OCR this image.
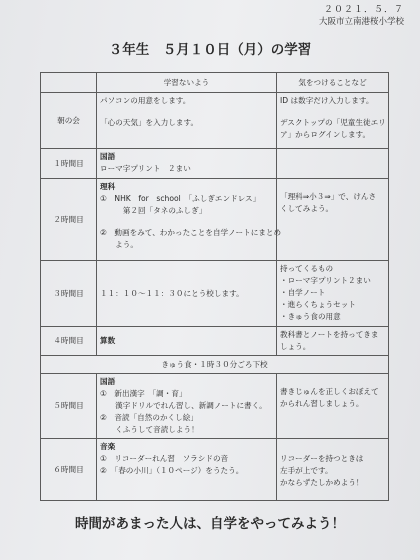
２０２１．５．７
大阪市立南港桜小学校
３年生　５月１０日（月）の学習
	学習ないよう	気をつけることなど
朝の会	パソコンの用意をします。
「心の天気」を入力します。	ID は数字だけ入力します。
デスクトップの「児童生徒エリ
ア」からログインします。

１時間目	国語
ローマ字プリント　２まい	

２時間目	理科
①　NHK　for　school　「ふしぎエンドレス」
　　　第２回「タネのふしぎ」
②　動画をみて、わかったことを自学ノートにまとめ
　　よう。	「理科⇒小３⇒」で、けんさ
くしてみよう。

３時間目	１１：１０～１１：３０にとう校します。	持ってくるもの
・ローマ字プリント２まい
・自学ノート
・進らくちょうセット
・きゅう食の用意

４時間目	算数	教科書とノートを持ってきま
しょう。

きゅう食・１時３０分ごろ下校		
５時間目	国語
①　新出漢字　「調・育」
　　漢字ドリルでれん習し、新調ノートに書く。
②　音読「自然のかくし絵」
　　くふうして音読しよう！	書きじゅんを正しくおぼえて
かられん習しましょう。

６時間目	音楽
①　リコーダーれん習　ソラシドの音
②　「春の小川」（１０ページ）をうたう。	リコーダーを持つときは
左手が上です。
かならずたしかめよう！
時間があまった人は、自学をやってみよう！
